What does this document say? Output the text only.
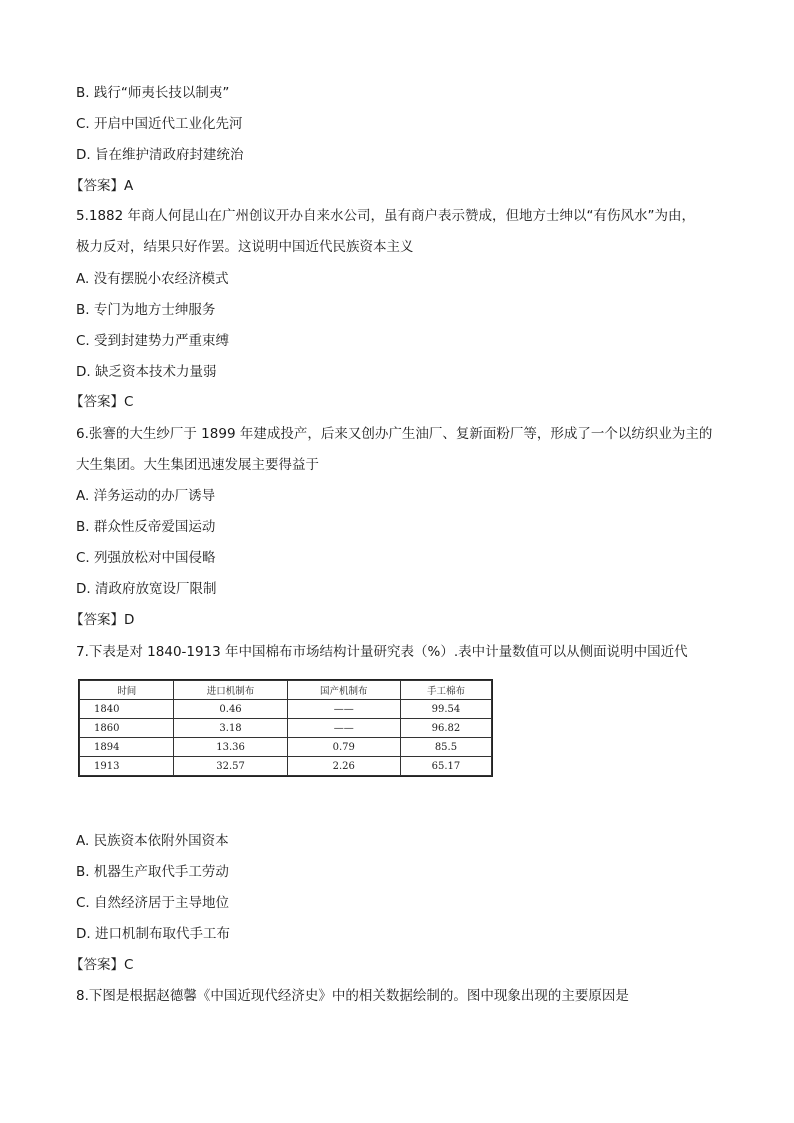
B. 践行“师夷长技以制夷”
C. 开启中国近代工业化先河
D. 旨在维护清政府封建统治
【答案】A
5.1882 年商人何昆山在广州创议开办自来水公司，虽有商户表示赞成，但地方士绅以“有伤风水”为由，
极力反对，结果只好作罢。这说明中国近代民族资本主义
A. 没有摆脱小农经济模式
B. 专门为地方士绅服务
C. 受到封建势力严重束缚
D. 缺乏资本技术力量弱
【答案】C
6.张謇的大生纱厂于 1899 年建成投产，后来又创办广生油厂、复新面粉厂等，形成了一个以纺织业为主的
大生集团。大生集团迅速发展主要得益于
A. 洋务运动的办厂诱导
B. 群众性反帝爱国运动
C. 列强放松对中国侵略
D. 清政府放宽设厂限制
【答案】D
7.下表是对 1840-1913 年中国棉布市场结构计量研究表（%）.表中计量数值可以从侧面说明中国近代
时间	进口机制布	国产机制布	手工棉布
1840	0.46	——	99.54
1860	3.18	——	96.82
1894	13.36	0.79	85.5
1913	32.57	2.26	65.17
A. 民族资本依附外国资本
B. 机器生产取代手工劳动
C. 自然经济居于主导地位
D. 进口机制布取代手工布
【答案】C
8.下图是根据赵德馨《中国近现代经济史》中的相关数据绘制的。图中现象出现的主要原因是
